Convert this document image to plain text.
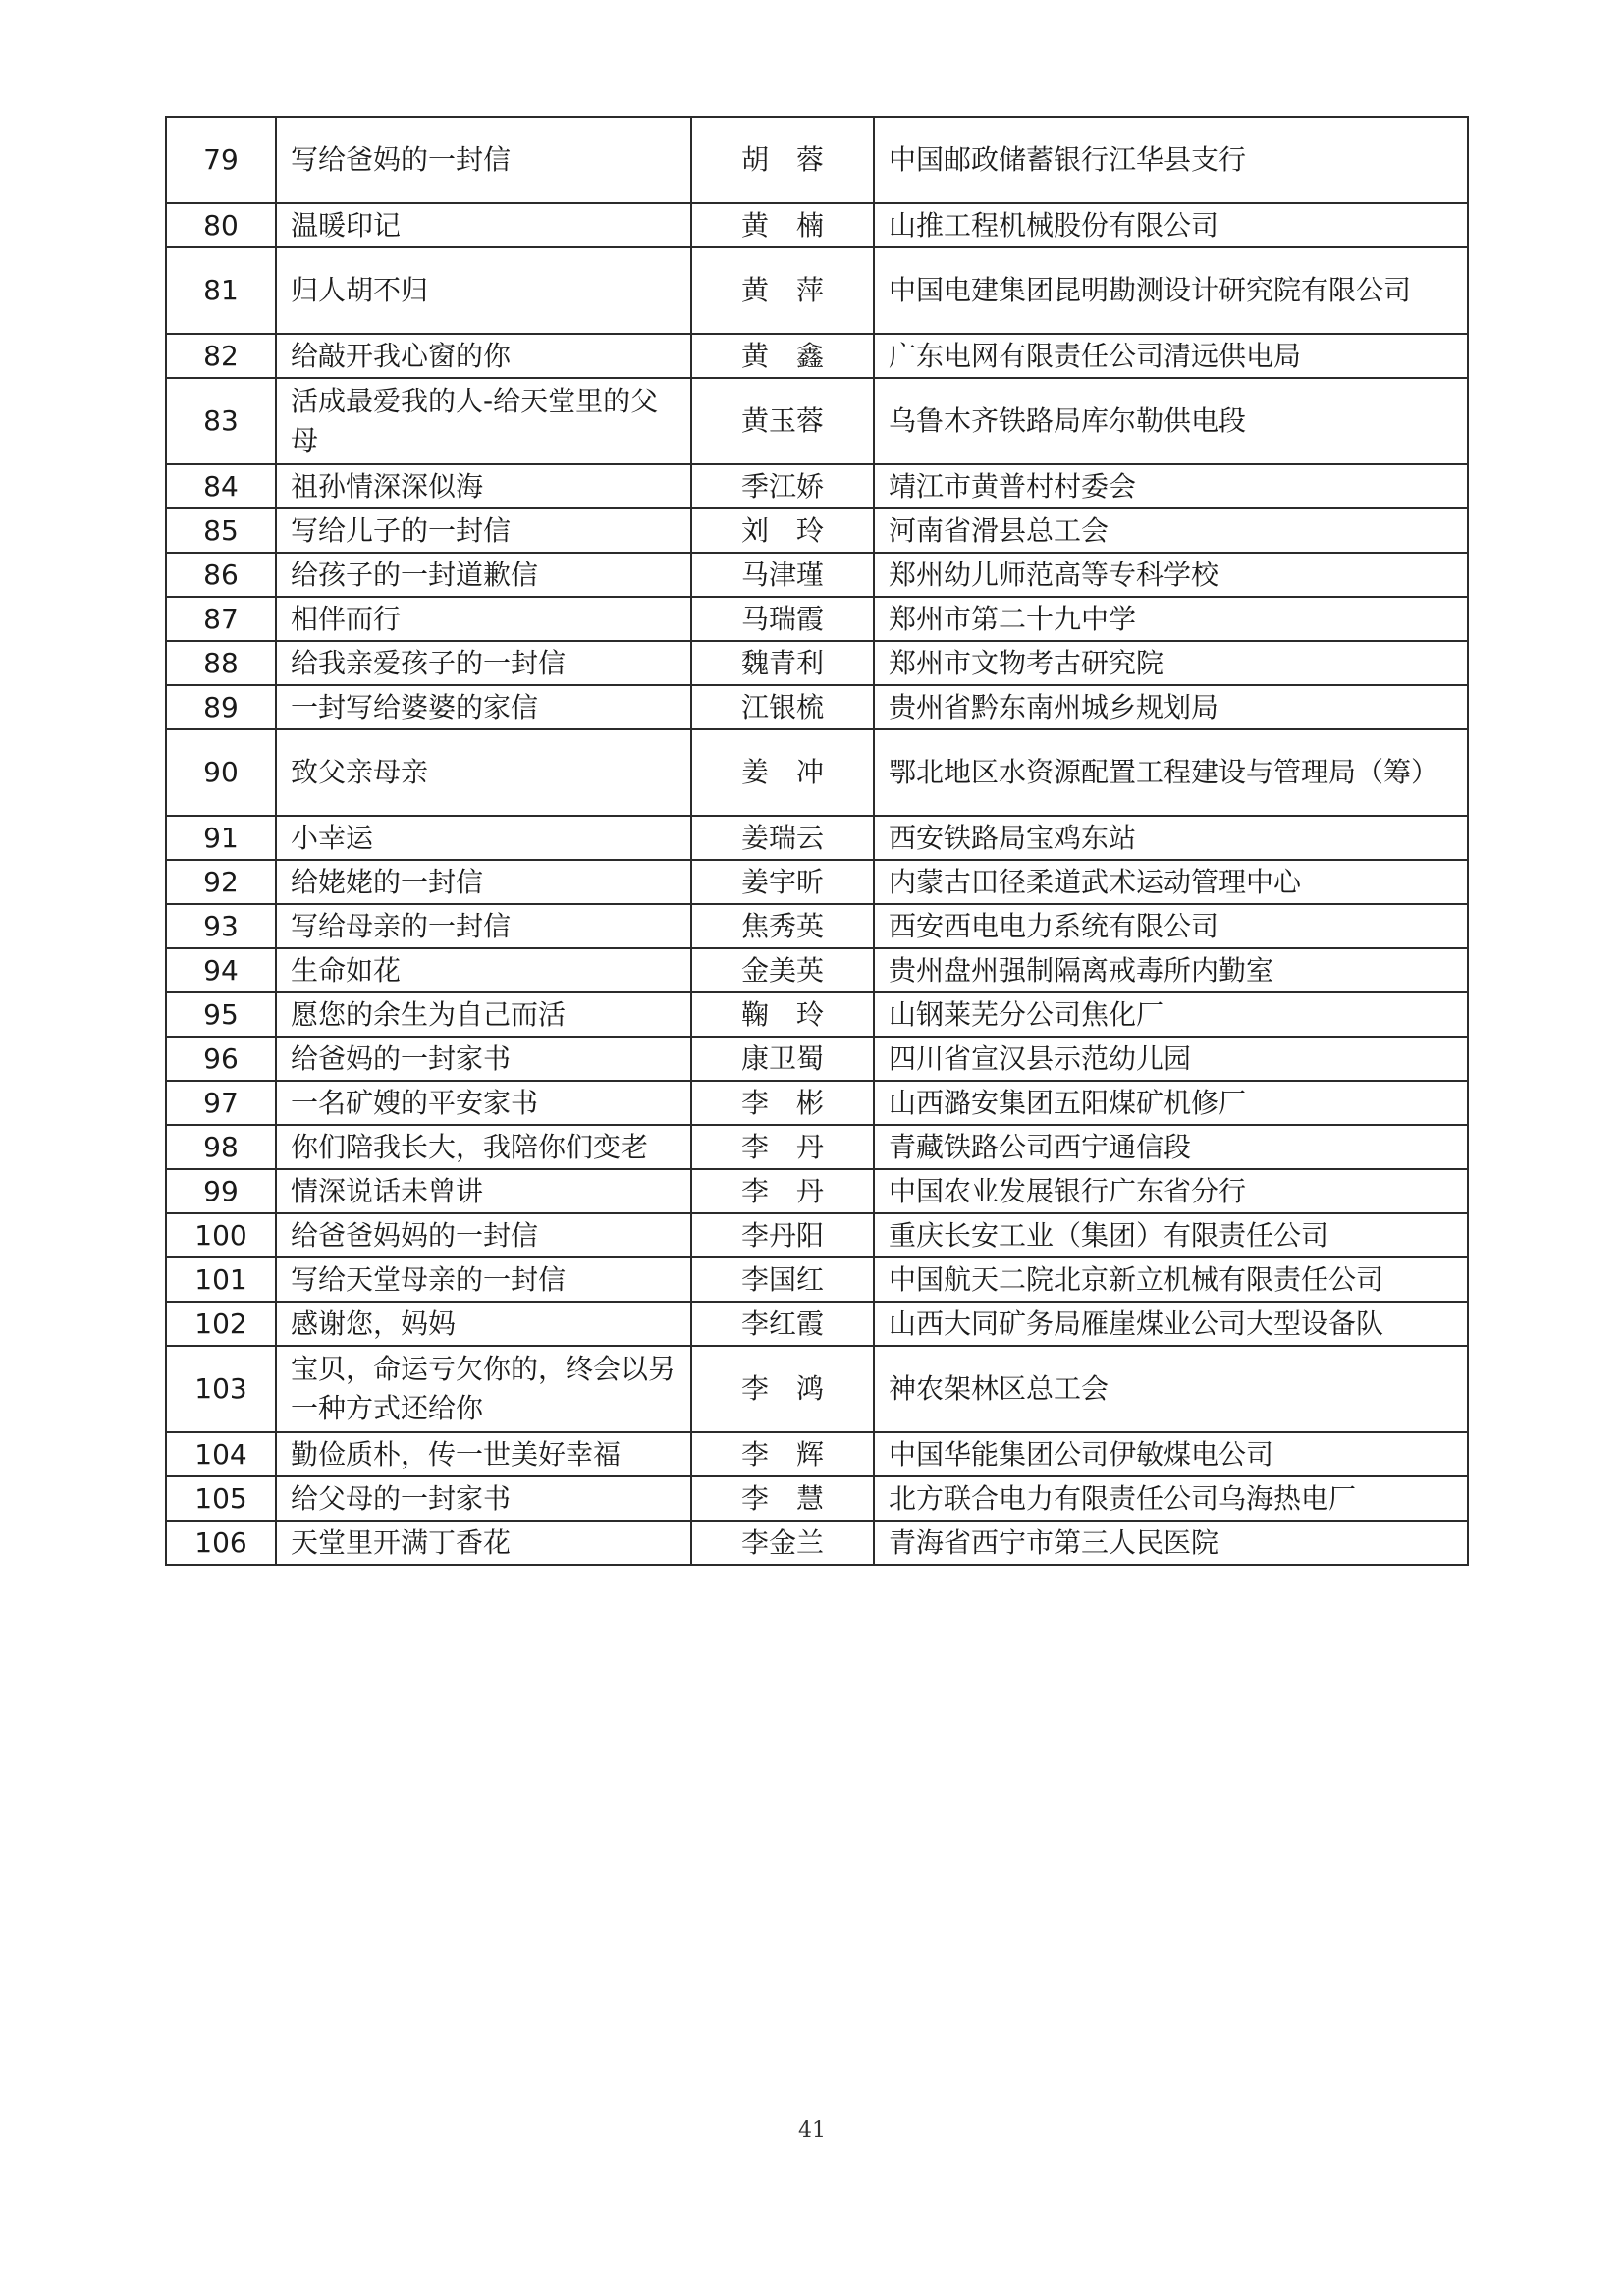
79	写给爸妈的一封信	胡　蓉	中国邮政储蓄银行江华县支行
80	温暖印记	黄　楠	山推工程机械股份有限公司
81	归人胡不归	黄　萍	中国电建集团昆明勘测设计研究院有限公司
82	给敲开我心窗的你	黄　鑫	广东电网有限责任公司清远供电局
83	活成最爱我的人-给天堂里的父母	黄玉蓉	乌鲁木齐铁路局库尔勒供电段
84	祖孙情深深似海	季江娇	靖江市黄普村村委会
85	写给儿子的一封信	刘　玲	河南省滑县总工会
86	给孩子的一封道歉信	马津瑾	郑州幼儿师范高等专科学校
87	相伴而行	马瑞霞	郑州市第二十九中学
88	给我亲爱孩子的一封信	魏青利	郑州市文物考古研究院
89	一封写给婆婆的家信	江银梳	贵州省黔东南州城乡规划局
90	致父亲母亲	姜　冲	鄂北地区水资源配置工程建设与管理局（筹）
91	小幸运	姜瑞云	西安铁路局宝鸡东站
92	给姥姥的一封信	姜宇昕	内蒙古田径柔道武术运动管理中心
93	写给母亲的一封信	焦秀英	西安西电电力系统有限公司
94	生命如花	金美英	贵州盘州强制隔离戒毒所内勤室
95	愿您的余生为自己而活	鞠　玲	山钢莱芜分公司焦化厂
96	给爸妈的一封家书	康卫蜀	四川省宣汉县示范幼儿园
97	一名矿嫂的平安家书	李　彬	山西潞安集团五阳煤矿机修厂
98	你们陪我长大，我陪你们变老	李　丹	青藏铁路公司西宁通信段
99	情深说话未曾讲	李　丹	中国农业发展银行广东省分行
100	给爸爸妈妈的一封信	李丹阳	重庆长安工业（集团）有限责任公司
101	写给天堂母亲的一封信	李国红	中国航天二院北京新立机械有限责任公司
102	感谢您，妈妈	李红霞	山西大同矿务局雁崖煤业公司大型设备队
103	宝贝，命运亏欠你的，终会以另一种方式还给你	李　鸿	神农架林区总工会
104	勤俭质朴，传一世美好幸福	李　辉	中国华能集团公司伊敏煤电公司
105	给父母的一封家书	李　慧	北方联合电力有限责任公司乌海热电厂
106	天堂里开满丁香花	李金兰	青海省西宁市第三人民医院
41
